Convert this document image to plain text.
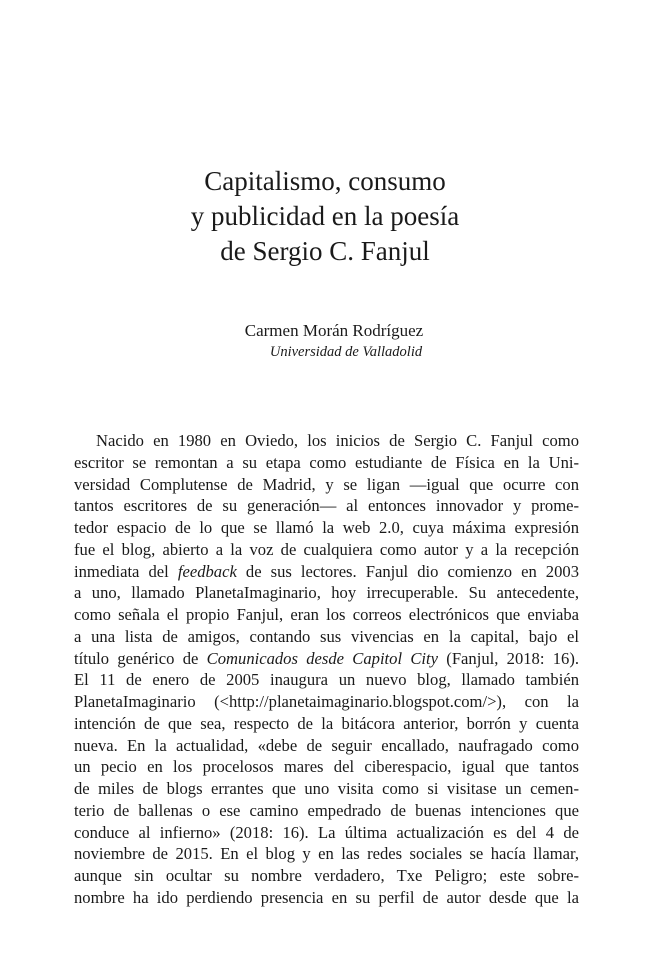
Capitalismo, consumo
y publicidad en la poesía
de Sergio C. Fanjul
Carmen Morán Rodríguez
Universidad de Valladolid
Nacido en 1980 en Oviedo, los inicios de Sergio C. Fanjul como
escritor se remontan a su etapa como estudiante de Física en la Uni-
versidad Complutense de Madrid, y se ligan —igual que ocurre con
tantos escritores de su generación— al entonces innovador y prome-
tedor espacio de lo que se llamó la web 2.0, cuya máxima expresión
fue el blog, abierto a la voz de cualquiera como autor y a la recepción
inmediata del feedback de sus lectores. Fanjul dio comienzo en 2003
a uno, llamado PlanetaImaginario, hoy irrecuperable. Su antecedente,
como señala el propio Fanjul, eran los correos electrónicos que enviaba
a una lista de amigos, contando sus vivencias en la capital, bajo el
título genérico de Comunicados desde Capitol City (Fanjul, 2018: 16).
El 11 de enero de 2005 inaugura un nuevo blog, llamado también
PlanetaImaginario (<http://planetaimaginario.blogspot.com/>), con la
intención de que sea, respecto de la bitácora anterior, borrón y cuenta
nueva. En la actualidad, «debe de seguir encallado, naufragado como
un pecio en los procelosos mares del ciberespacio, igual que tantos
de miles de blogs errantes que uno visita como si visitase un cemen-
terio de ballenas o ese camino empedrado de buenas intenciones que
conduce al infierno» (2018: 16). La última actualización es del 4 de
noviembre de 2015. En el blog y en las redes sociales se hacía llamar,
aunque sin ocultar su nombre verdadero, Txe Peligro; este sobre-
nombre ha ido perdiendo presencia en su perfil de autor desde que la
